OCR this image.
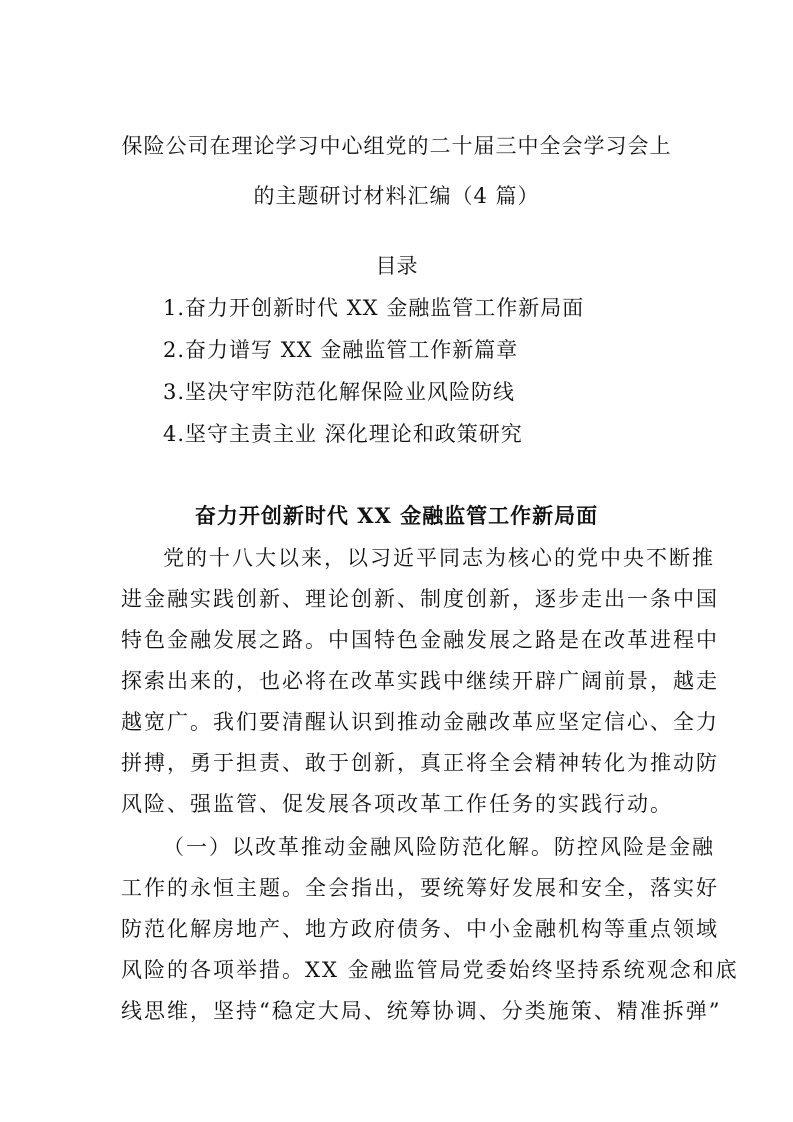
保险公司在理论学习中心组党的二十届三中全会学习会上
的主题研讨材料汇编（4 篇）
目录
1.奋力开创新时代 XX 金融监管工作新局面
2.奋力谱写 XX 金融监管工作新篇章
3.坚决守牢防范化解保险业风险防线
4.坚守主责主业 深化理论和政策研究
奋力开创新时代 XX 金融监管工作新局面
党的十八大以来，以习近平同志为核心的党中央不断推
进金融实践创新、理论创新、制度创新，逐步走出一条中国
特色金融发展之路。中国特色金融发展之路是在改革进程中
探索出来的，也必将在改革实践中继续开辟广阔前景，越走
越宽广。我们要清醒认识到推动金融改革应坚定信心、全力
拼搏，勇于担责、敢于创新，真正将全会精神转化为推动防
风险、强监管、促发展各项改革工作任务的实践行动。
（一）以改革推动金融风险防范化解。防控风险是金融
工作的永恒主题。全会指出，要统筹好发展和安全，落实好
防范化解房地产、地方政府债务、中小金融机构等重点领域
风险的各项举措。XX 金融监管局党委始终坚持系统观念和底
线思维，坚持“稳定大局、统筹协调、分类施策、精准拆弹”
